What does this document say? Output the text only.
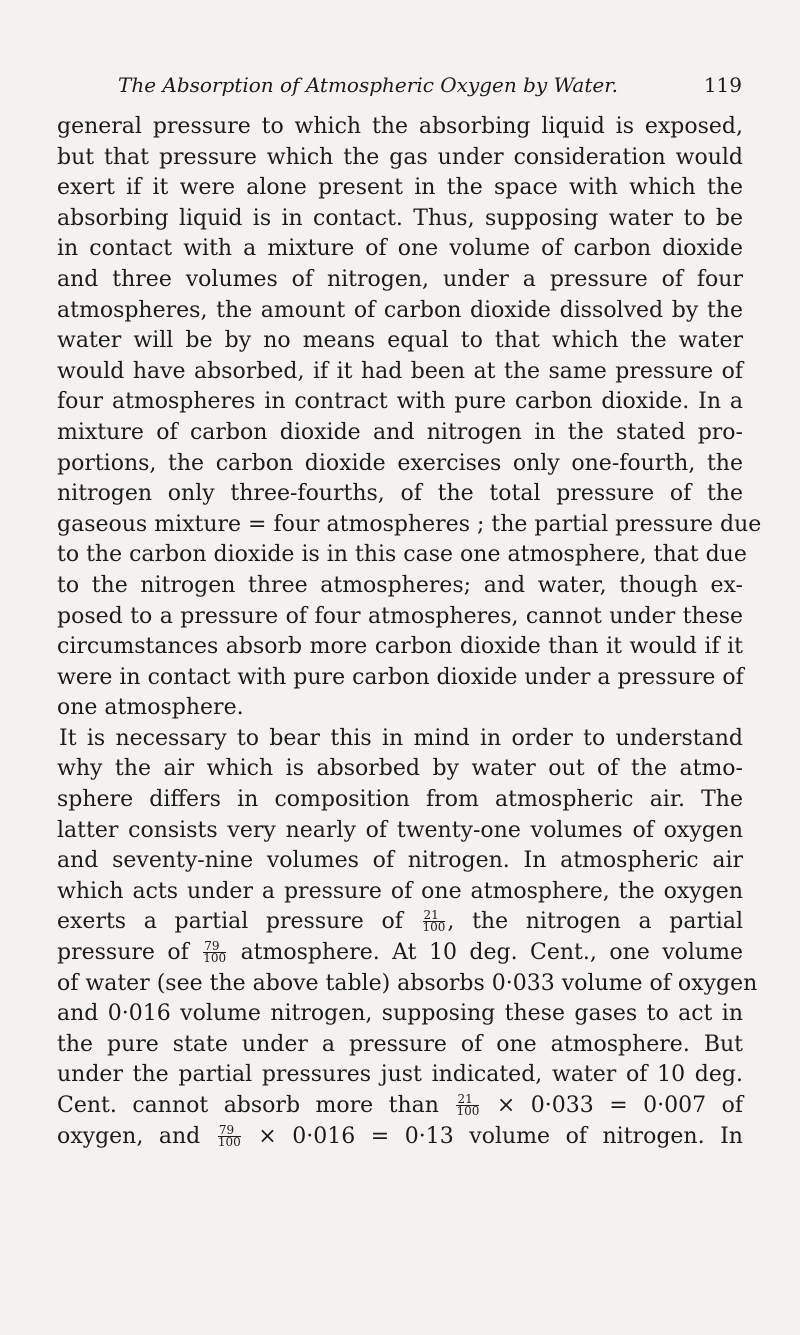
The Absorption of Atmospheric Oxygen by Water.	119
general pressure to which the absorbing liquid is exposed,
but that pressure which the gas under consideration would
exert if it were alone present in the space with which the
absorbing liquid is in contact. Thus, supposing water to be
in contact with a mixture of one volume of carbon dioxide
and three volumes of nitrogen, under a pressure of four
atmospheres, the amount of carbon dioxide dissolved by the
water will be by no means equal to that which the water
would have absorbed, if it had been at the same pressure of
four atmospheres in contract with pure carbon dioxide. In a
mixture of carbon dioxide and nitrogen in the stated pro-
portions, the carbon dioxide exercises only one-fourth, the
nitrogen only three-fourths, of the total pressure of the
gaseous mixture = four atmospheres ; the partial pressure due
to the carbon dioxide is in this case one atmosphere, that due
to the nitrogen three atmospheres; and water, though ex-
posed to a pressure of four atmospheres, cannot under these
circumstances absorb more carbon dioxide than it would if it
were in contact with pure carbon dioxide under a pressure of
one atmosphere.
It is necessary to bear this in mind in order to understand
why the air which is absorbed by water out of the atmo-
sphere differs in composition from atmospheric air. The
latter consists very nearly of twenty-one volumes of oxygen
and seventy-nine volumes of nitrogen. In atmospheric air
which acts under a pressure of one atmosphere, the oxygen
exerts a partial pressure of $\frac{21}{100}$ , the nitrogen a partial
pressure of $\frac{79}{100}$ atmosphere. At 10 deg. Cent., one volume
of water (see the above table) absorbs 0·033 volume of oxygen
and 0·016 volume nitrogen, supposing these gases to act in
the pure state under a pressure of one atmosphere. But
under the partial pressures just indicated, water of 10 deg.
Cent. cannot absorb more than $\frac{21}{100} \times 0\cdot 033 = 0\cdot 007$ of
oxygen, and $\frac{79}{100} \times 0\cdot 016 = 0\cdot 13$ volume of nitrogen. In
